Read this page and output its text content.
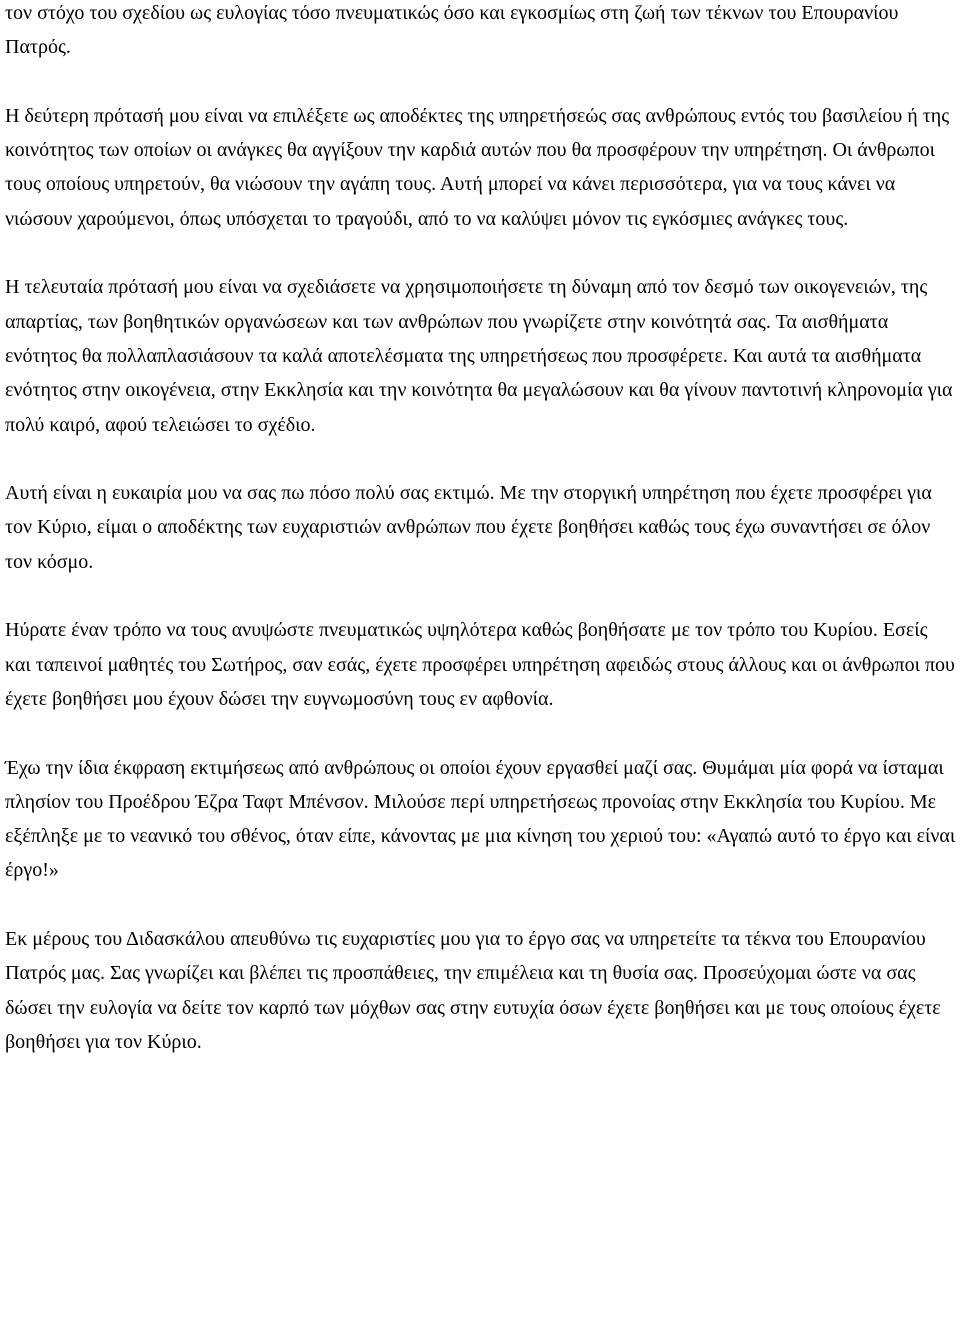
τον στόχο του σχεδίου ως ευλογίας τόσο πνευματικώς όσο και εγκοσμίως στη ζωή των τέκνων του Επουρανίου Πατρός.

Η δεύτερη πρότασή μου είναι να επιλέξετε ως αποδέκτες της υπηρετήσεώς σας ανθρώπους εντός του βασιλείου ή της κοινότητος των οποίων οι ανάγκες θα αγγίξουν την καρδιά αυτών που θα προσφέρουν την υπηρέτηση. Οι άνθρωποι τους οποίους υπηρετούν, θα νιώσουν την αγάπη τους. Αυτή μπορεί να κάνει περισσότερα, για να τους κάνει να νιώσουν χαρούμενοι, όπως υπόσχεται το τραγούδι, από το να καλύψει μόνον τις εγκόσμιες ανάγκες τους.

Η τελευταία πρότασή μου είναι να σχεδιάσετε να χρησιμοποιήσετε τη δύναμη από τον δεσμό των οικογενειών, της απαρτίας, των βοηθητικών οργανώσεων και των ανθρώπων που γνωρίζετε στην κοινότητά σας. Τα αισθήματα ενότητος θα πολλαπλασιάσουν τα καλά αποτελέσματα της υπηρετήσεως που προσφέρετε. Και αυτά τα αισθήματα ενότητος στην οικογένεια, στην Εκκλησία και την κοινότητα θα μεγαλώσουν και θα γίνουν παντοτινή κληρονομία για πολύ καιρό, αφού τελειώσει το σχέδιο.

Αυτή είναι η ευκαιρία μου να σας πω πόσο πολύ σας εκτιμώ. Με την στοργική υπηρέτηση που έχετε προσφέρει για τον Κύριο, είμαι ο αποδέκτης των ευχαριστιών ανθρώπων που έχετε βοηθήσει καθώς τους έχω συναντήσει σε όλον τον κόσμο.

Ηύρατε έναν τρόπο να τους ανυψώστε πνευματικώς υψηλότερα καθώς βοηθήσατε με τον τρόπο του Κυρίου. Εσείς και ταπεινοί μαθητές του Σωτήρος, σαν εσάς, έχετε προσφέρει υπηρέτηση αφειδώς στους άλλους και οι άνθρωποι που έχετε βοηθήσει μου έχουν δώσει την ευγνωμοσύνη τους εν αφθονία.

Έχω την ίδια έκφραση εκτιμήσεως από ανθρώπους οι οποίοι έχουν εργασθεί μαζί σας. Θυμάμαι μία φορά να ίσταμαι πλησίον του Προέδρου Έζρα Ταφτ Μπένσον. Μιλούσε περί υπηρετήσεως προνοίας στην Εκκλησία του Κυρίου. Με εξέπληξε με το νεανικό του σθένος, όταν είπε, κάνοντας με μια κίνηση του χεριού του: «Αγαπώ αυτό το έργο και είναι έργο!»

Εκ μέρους του Διδασκάλου απευθύνω τις ευχαριστίες μου για το έργο σας να υπηρετείτε τα τέκνα του Επουρανίου Πατρός μας. Σας γνωρίζει και βλέπει τις προσπάθειες, την επιμέλεια και τη θυσία σας. Προσεύχομαι ώστε να σας δώσει την ευλογία να δείτε τον καρπό των μόχθων σας στην ευτυχία όσων έχετε βοηθήσει και με τους οποίους έχετε βοηθήσει για τον Κύριο.
